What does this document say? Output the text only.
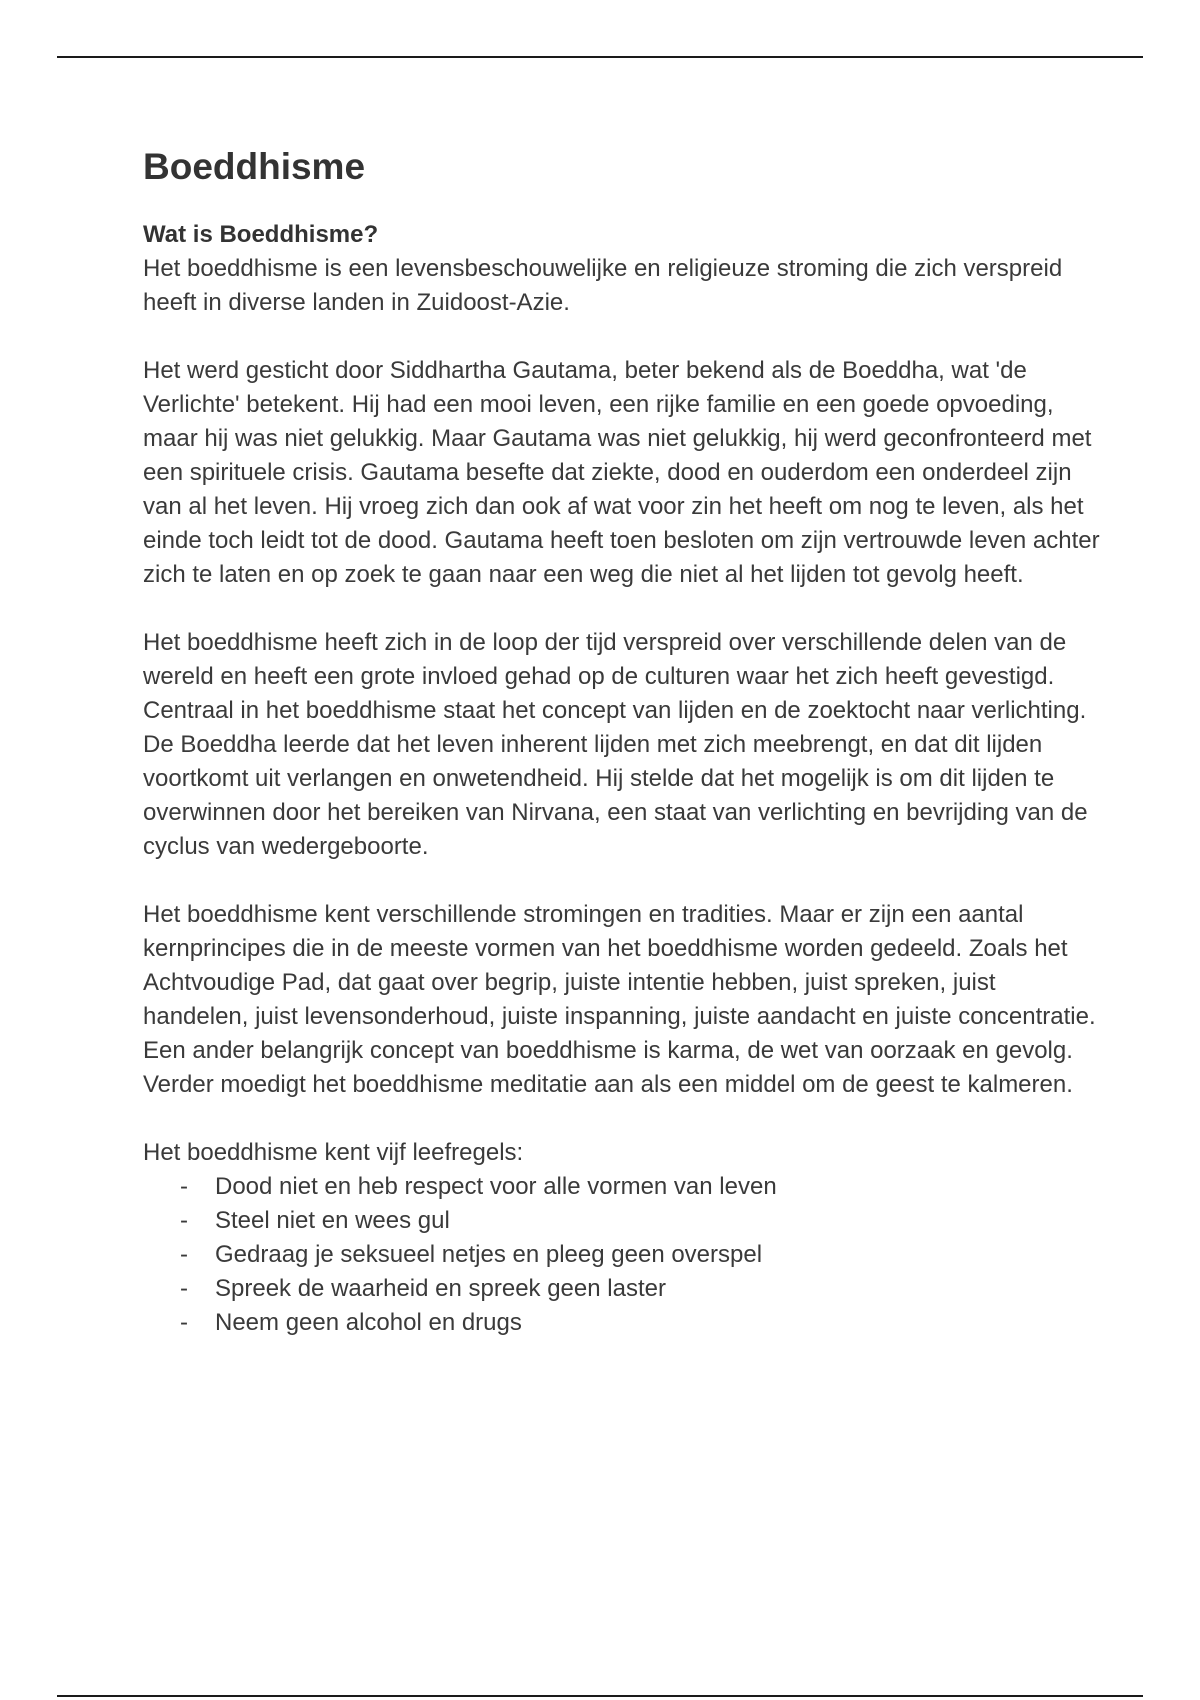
Boeddhisme
Wat is Boeddhisme?

Het boeddhisme is een levensbeschouwelijke en religieuze stroming die zich verspreid heeft in diverse landen in Zuidoost-Azie.

Het werd gesticht door Siddhartha Gautama, beter bekend als de Boeddha, wat 'de Verlichte' betekent. Hij had een mooi leven, een rijke familie en een goede opvoeding, maar hij was niet gelukkig. Maar Gautama was niet gelukkig, hij werd geconfronteerd met een spirituele crisis. Gautama besefte dat ziekte, dood en ouderdom een onderdeel zijn van al het leven. Hij vroeg zich dan ook af wat voor zin het heeft om nog te leven, als het einde toch leidt tot de dood. Gautama heeft toen besloten om zijn vertrouwde leven achter zich te laten en op zoek te gaan naar een weg die niet al het lijden tot gevolg heeft.

Het boeddhisme heeft zich in de loop der tijd verspreid over verschillende delen van de wereld en heeft een grote invloed gehad op de culturen waar het zich heeft gevestigd. Centraal in het boeddhisme staat het concept van lijden en de zoektocht naar verlichting. De Boeddha leerde dat het leven inherent lijden met zich meebrengt, en dat dit lijden voortkomt uit verlangen en onwetendheid. Hij stelde dat het mogelijk is om dit lijden te overwinnen door het bereiken van Nirvana, een staat van verlichting en bevrijding van de cyclus van wedergeboorte.

Het boeddhisme kent verschillende stromingen en tradities. Maar er zijn een aantal kernprincipes die in de meeste vormen van het boeddhisme worden gedeeld. Zoals het Achtvoudige Pad, dat gaat over begrip, juiste intentie hebben, juist spreken, juist handelen, juist levensonderhoud, juiste inspanning, juiste aandacht en juiste concentratie. Een ander belangrijk concept van boeddhisme is karma, de wet van oorzaak en gevolg. Verder moedigt het boeddhisme meditatie aan als een middel om de geest te kalmeren.

Het boeddhisme kent vijf leefregels:

- Dood niet en heb respect voor alle vormen van leven
- Steel niet en wees gul
- Gedraag je seksueel netjes en pleeg geen overspel
- Spreek de waarheid en spreek geen laster
- Neem geen alcohol en drugs
